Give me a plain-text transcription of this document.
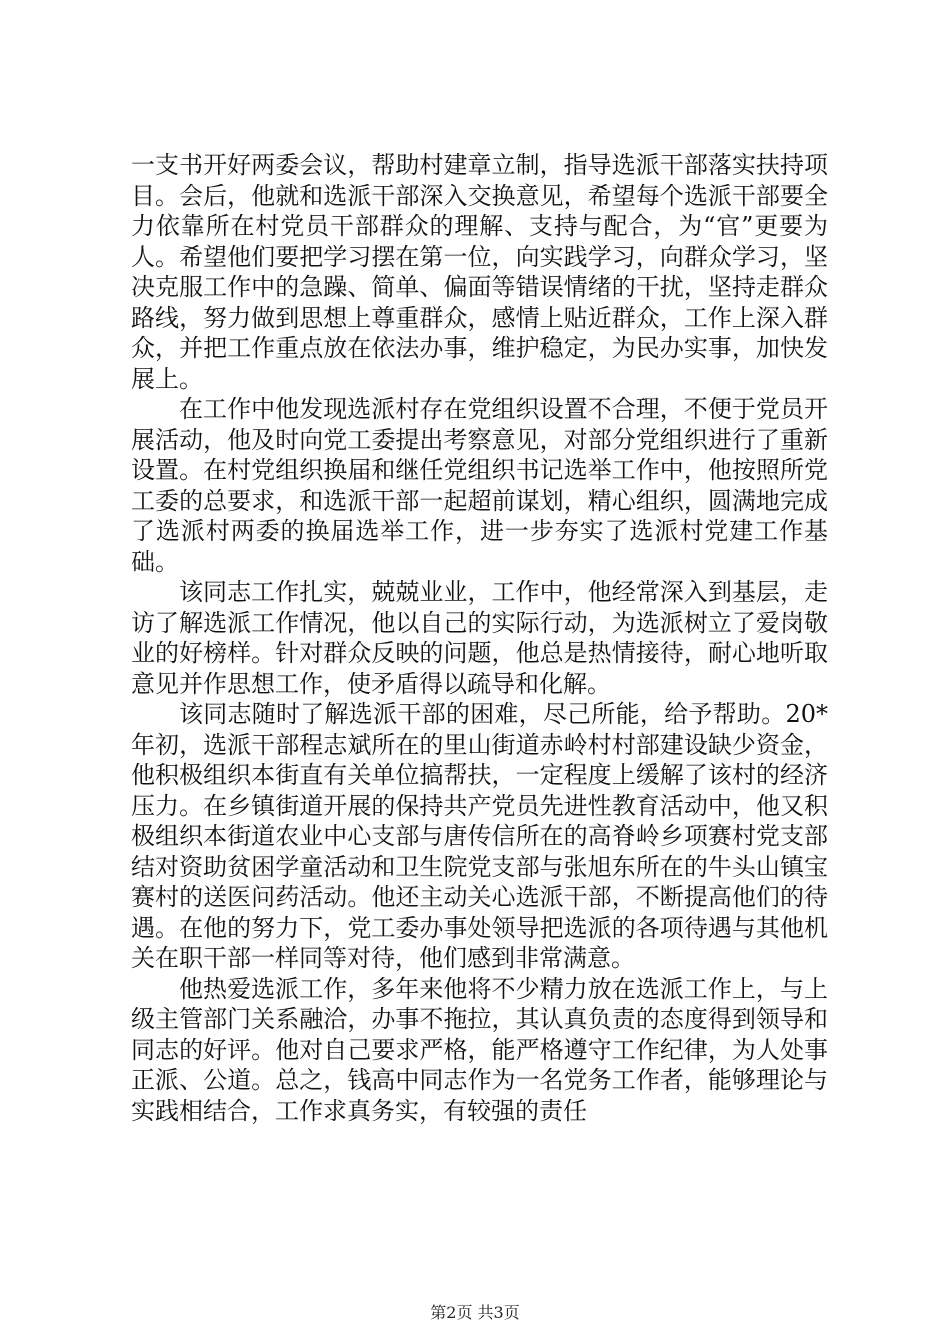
一支书开好两委会议，帮助村建章立制，指导选派干部落实扶持项目。会后，他就和选派干部深入交换意见，希望每个选派干部要全力依靠所在村党员干部群众的理解、支持与配合，为“官”更要为人。希望他们要把学习摆在第一位，向实践学习，向群众学习，坚决克服工作中的急躁、简单、偏面等错误情绪的干扰，坚持走群众路线，努力做到思想上尊重群众，感情上贴近群众，工作上深入群众，并把工作重点放在依法办事，维护稳定，为民办实事，加快发展上。

在工作中他发现选派村存在党组织设置不合理，不便于党员开展活动，他及时向党工委提出考察意见，对部分党组织进行了重新设置。在村党组织换届和继任党组织书记选举工作中，他按照所党工委的总要求，和选派干部一起超前谋划，精心组织，圆满地完成了选派村两委的换届选举工作，进一步夯实了选派村党建工作基础。

该同志工作扎实，兢兢业业，工作中，他经常深入到基层，走访了解选派工作情况，他以自己的实际行动，为选派树立了爱岗敬业的好榜样。针对群众反映的问题，他总是热情接待，耐心地听取意见并作思想工作，使矛盾得以疏导和化解。

该同志随时了解选派干部的困难，尽己所能，给予帮助。20*年初，选派干部程志斌所在的里山街道赤岭村村部建设缺少资金，他积极组织本街直有关单位搞帮扶，一定程度上缓解了该村的经济压力。在乡镇街道开展的保持共产党员先进性教育活动中，他又积极组织本街道农业中心支部与唐传信所在的高脊岭乡项赛村党支部结对资助贫困学童活动和卫生院党支部与张旭东所在的牛头山镇宝赛村的送医问药活动。他还主动关心选派干部，不断提高他们的待遇。在他的努力下，党工委办事处领导把选派的各项待遇与其他机关在职干部一样同等对待，他们感到非常满意。

他热爱选派工作，多年来他将不少精力放在选派工作上，与上级主管部门关系融洽，办事不拖拉，其认真负责的态度得到领导和同志的好评。他对自己要求严格，能严格遵守工作纪律，为人处事正派、公道。总之，钱高中同志作为一名党务工作者，能够理论与实践相结合，工作求真务实，有较强的责任

第2页 共3页
